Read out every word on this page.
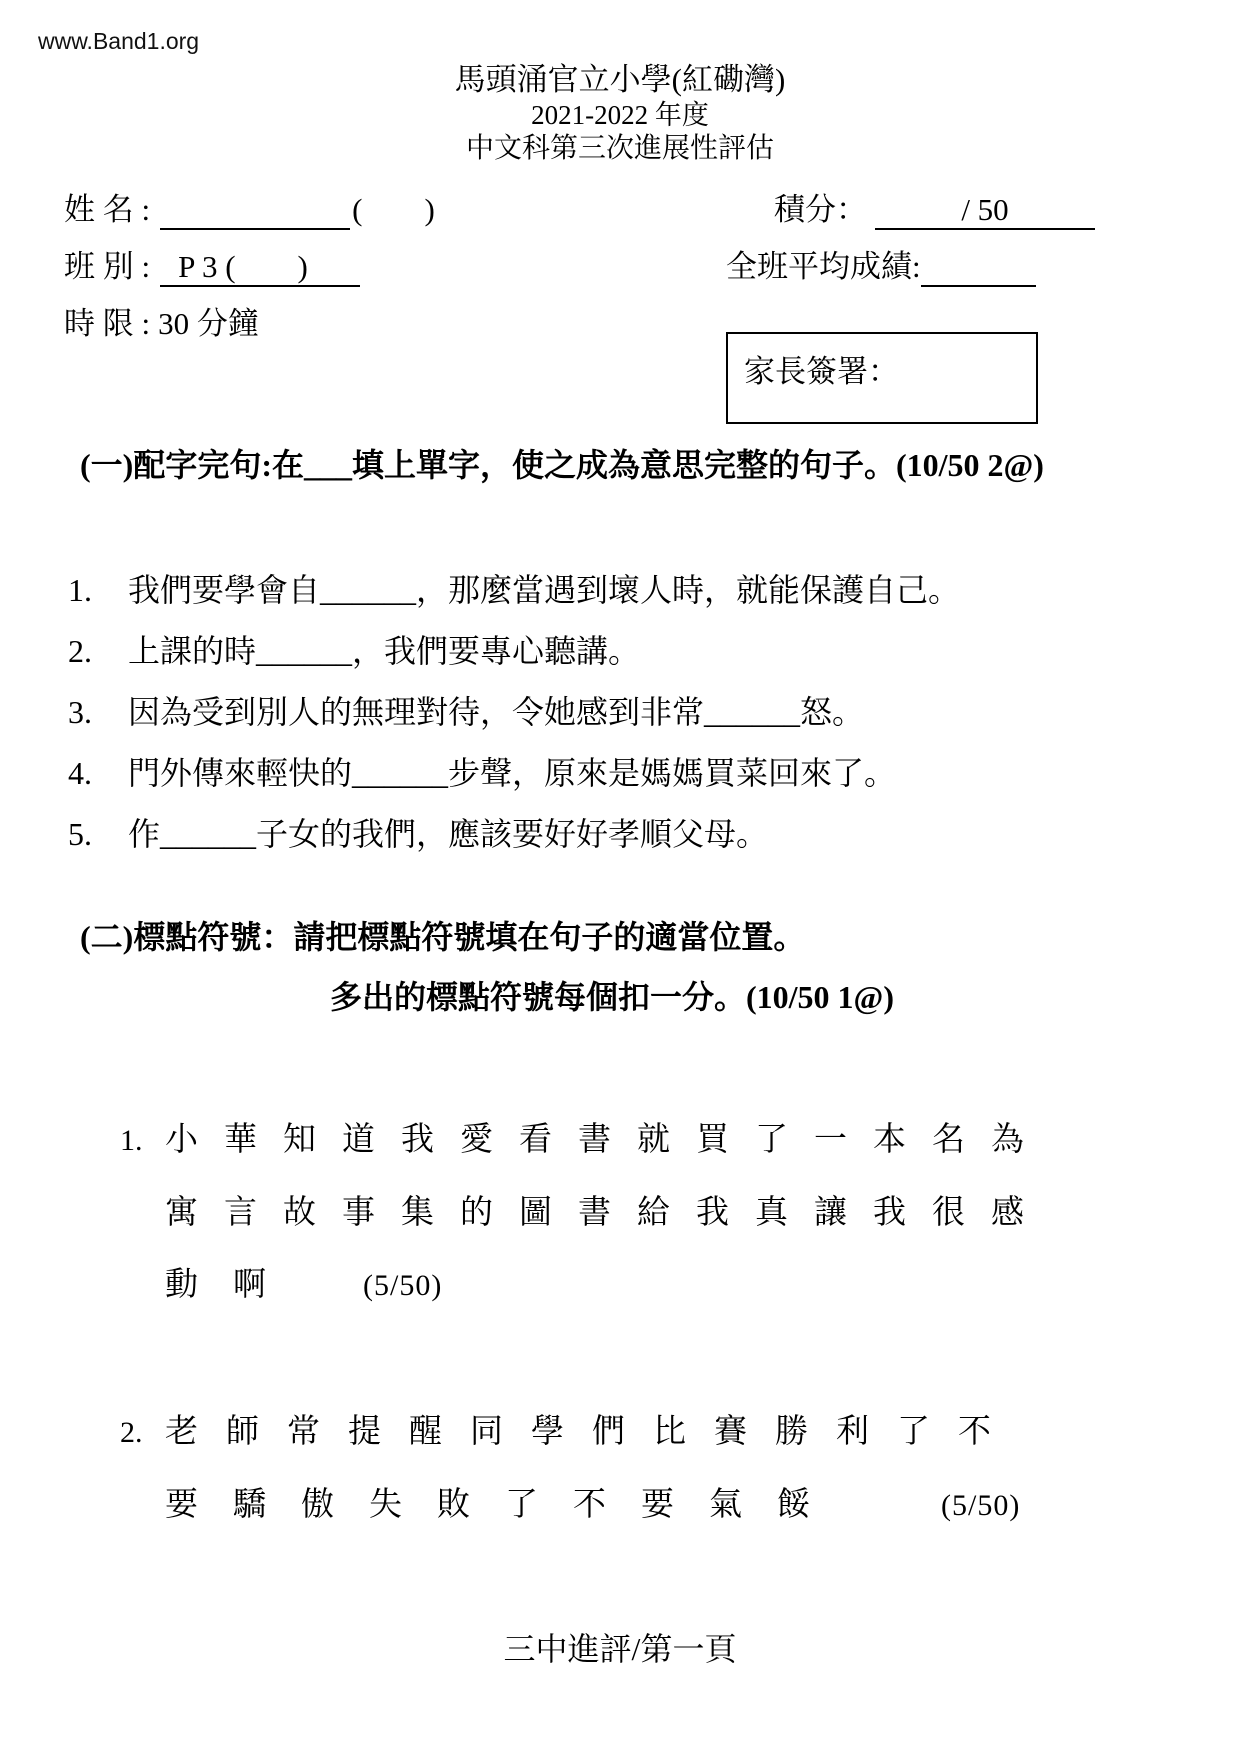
www.Band1.org
馬頭涌官立小學(紅磡灣)
2021-2022 年度
中文科第三次進展性評估
姓 名 :	(　　)	積分：	/ 50
班 別 : P 3 (　　)	全班平均成績:
時 限 : 30 分鐘
(一)配字完句:在___填上單字，使之成為意思完整的句子。(10/50 2@)
1.	我們要學會自______，那麼當遇到壞人時，就能保護自己。
2.	上課的時______，我們要專心聽講。
3.	因為受到別人的無理對待，令她感到非常______怒。
4.	門外傳來輕快的______步聲，原來是媽媽買菜回來了。
5.	作______子女的我們，應該要好好孝順父母。
(二)標點符號：請把標點符號填在句子的適當位置。
多出的標點符號每個扣一分。(10/50 1@)
1. 小華知道我愛看書就買了一本名為
寓言故事集的圖書給我真讓我很感
動啊 (5/50)
2. 老師常提醒同學們比賽勝利了不
要驕傲失敗了不要氣餒	(5/50)
三中進評/第一頁
家長簽署：
